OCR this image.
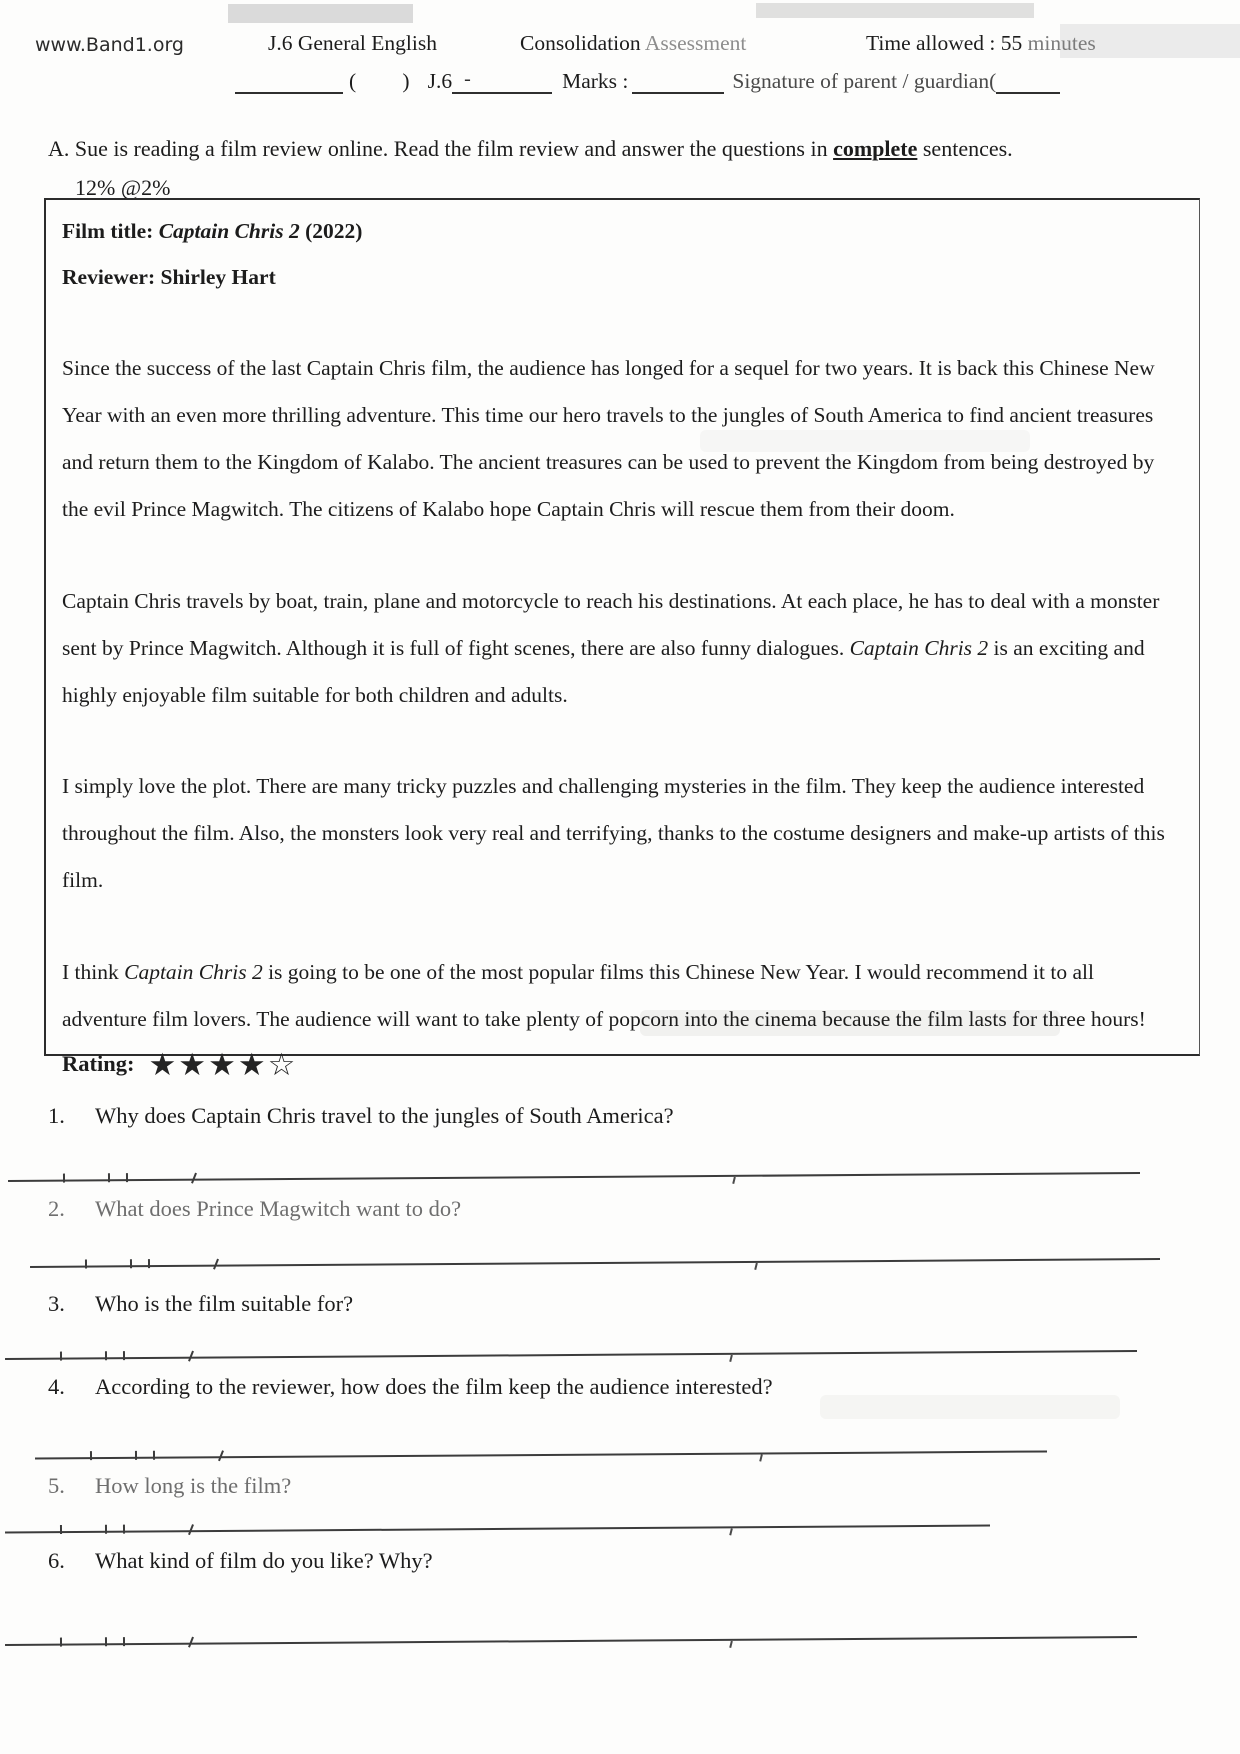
www.Band1.org	J.6 General English	Consolidation Assessment	Time allowed : 55 minutes
(      ) J.6 -	Marks :	Signature of parent / guardian(
A. Sue is reading a film review online. Read the film review and answer the questions in complete sentences.
12% @2%
Film title: Captain Chris 2 (2022)
Reviewer: Shirley Hart

Since the success of the last Captain Chris film, the audience has longed for a sequel for two years. It is back this Chinese New Year with an even more thrilling adventure. This time our hero travels to the jungles of South America to find ancient treasures and return them to the Kingdom of Kalabo. The ancient treasures can be used to prevent the Kingdom from being destroyed by the evil Prince Magwitch. The citizens of Kalabo hope Captain Chris will rescue them from their doom.

Captain Chris travels by boat, train, plane and motorcycle to reach his destinations. At each place, he has to deal with a monster sent by Prince Magwitch. Although it is full of fight scenes, there are also funny dialogues. Captain Chris 2 is an exciting and highly enjoyable film suitable for both children and adults.

I simply love the plot. There are many tricky puzzles and challenging mysteries in the film. They keep the audience interested throughout the film. Also, the monsters look very real and terrifying, thanks to the costume designers and make-up artists of this film.

I think Captain Chris 2 is going to be one of the most popular films this Chinese New Year. I would recommend it to all adventure film lovers. The audience will want to take plenty of popcorn into the cinema because the film lasts for three hours!

Rating: ★★★★☆
1.	Why does Captain Chris travel to the jungles of South America?
2.	What does Prince Magwitch want to do?
3.	Who is the film suitable for?
4.	According to the reviewer, how does the film keep the audience interested?
5.	How long is the film?
6.	What kind of film do you like? Why?
